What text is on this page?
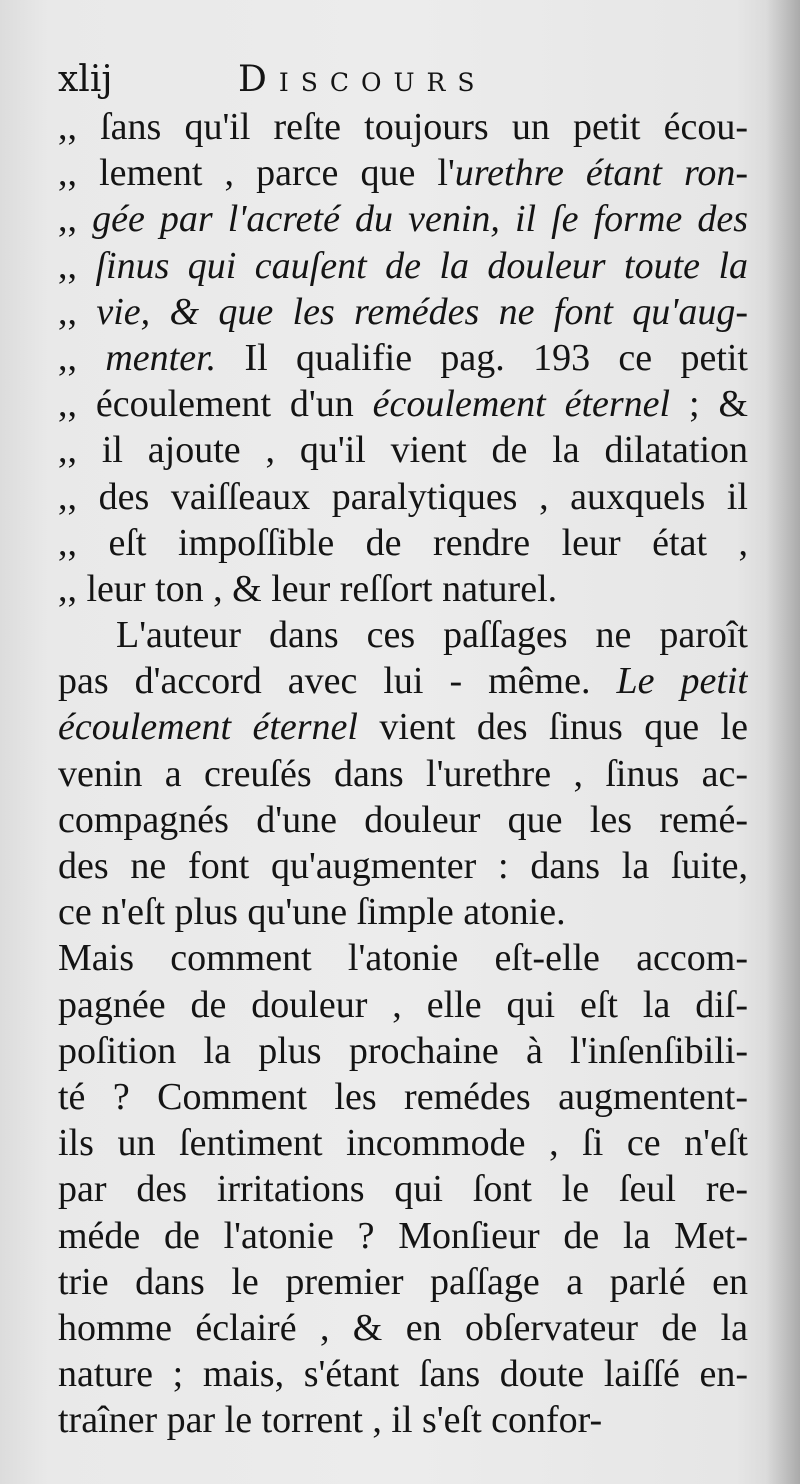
xlij	Discours
,, ſans qu'il reſte toujours un petit écou-
,, lement , parce que l'urethre étant ron-
,, gée par l'acreté du venin, il ſe forme des
,, ſinus qui cauſent de la douleur toute la
,, vie, & que les remédes ne font qu'aug-
,, menter. Il qualifie pag. 193 ce petit
,, écoulement d'un écoulement éternel ; &
,, il ajoute , qu'il vient de la dilatation
,, des vaiſſeaux paralytiques , auxquels il
,, eſt impoſſible de rendre leur état ,
,, leur ton , & leur reſſort naturel.
L'auteur dans ces paſſages ne paroît
pas d'accord avec lui - même. Le petit
écoulement éternel vient des ſinus que le
venin a creuſés dans l'urethre , ſinus ac-
compagnés d'une douleur que les remé-
des ne font qu'augmenter : dans la ſuite,
ce n'eſt plus qu'une ſimple atonie.
Mais comment l'atonie eſt-elle accom-
pagnée de douleur , elle qui eſt la diſ-
poſition la plus prochaine à l'inſenſibili-
té ? Comment les remédes augmentent-
ils un ſentiment incommode , ſi ce n'eſt
par des irritations qui ſont le ſeul re-
méde de l'atonie ? Monſieur de la Met-
trie dans le premier paſſage a parlé en
homme éclairé , & en obſervateur de la
nature ; mais, s'étant ſans doute laiſſé en-
traîner par le torrent , il s'eſt confor-
